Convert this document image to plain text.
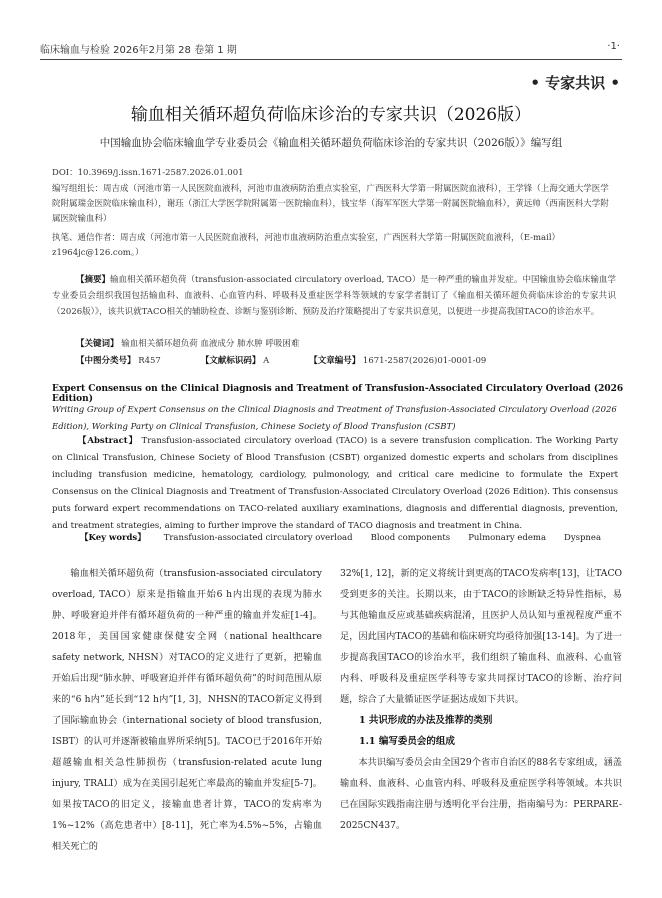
临床输血与检验 2026年2月第 28 卷第 1 期	·1·
• 专家共识 •
输血相关循环超负荷临床诊治的专家共识（2026版）
中国输血协会临床输血学专业委员会《输血相关循环超负荷临床诊治的专家共识（2026版）》编写组
DOI：10.3969/j.issn.1671-2587.2026.01.001
编写组组长：周吉成（河池市第一人民医院血液科，河池市血液病防治重点实验室，广西医科大学第一附属医院血液科），王学锋（上海交通大学医学院附属瑞金医院临床输血科），谢珏（浙江大学医学院附属第一医院输血科），钱宝华（海军军医大学第一附属医院输血科），黄远帅（西南医科大学附属医院输血科）
执笔、通信作者：周吉成（河池市第一人民医院血液科，河池市血液病防治重点实验室，广西医科大学第一附属医院血液科，（E-mail）z1964jc@126.com。）
【摘要】输血相关循环超负荷（transfusion-associated circulatory overload, TACO）是一种严重的输血并发症。中国输血协会临床输血学专业委员会组织我国包括输血科、血液科、心血管内科、呼吸科及重症医学科等领域的专家学者制订了《输血相关循环超负荷临床诊治的专家共识（2026版）》，该共识就TACO相关的辅助检查、诊断与鉴别诊断、预防及治疗策略提出了专家共识意见，以便进一步提高我国TACO的诊治水平。
【关键词】 输血相关循环超负荷 血液成分 肺水肿 呼吸困难
【中图分类号】 R457	【文献标识码】 A	【文章编号】 1671-2587(2026)01-0001-09
Expert Consensus on the Clinical Diagnosis and Treatment of Transfusion-Associated Circulatory Overload (2026 Edition)
Writing Group of Expert Consensus on the Clinical Diagnosis and Treatment of Transfusion-Associated Circulatory Overload (2026 Edition), Working Party on Clinical Transfusion, Chinese Society of Blood Transfusion (CSBT)
【Abstract】 Transfusion-associated circulatory overload (TACO) is a severe transfusion complication. The Working Party on Clinical Transfusion, Chinese Society of Blood Transfusion (CSBT) organized domestic experts and scholars from disciplines including transfusion medicine, hematology, cardiology, pulmonology, and critical care medicine to formulate the Expert Consensus on the Clinical Diagnosis and Treatment of Transfusion-Associated Circulatory Overload (2026 Edition). This consensus puts forward expert recommendations on TACO-related auxiliary examinations, diagnosis and differential diagnosis, prevention, and treatment strategies, aiming to further improve the standard of TACO diagnosis and treatment in China.
【Key words】 Transfusion-associated circulatory overload Blood components Pulmonary edema Dyspnea

输血相关循环超负荷（transfusion-associated circulatory overload, TACO）原来是指输血开始6 h内出现的表现为肺水肿、呼吸窘迫并伴有循环超负荷的一种严重的输血并发症[1-4]。2018年，美国国家健康保健安全网（national healthcare safety network, NHSN）对TACO的定义进行了更新，把输血开始后出现“肺水肿、呼吸窘迫并伴有循环超负荷”的时间范围从原来的“6 h内”延长到“12 h内”[1, 3]，NHSN的TACO新定义得到了国际输血协会（international society of blood transfusion, ISBT）的认可并逐渐被输血界所采纳[5]。TACO已于2016年开始超越输血相关急性肺损伤（transfusion-related acute lung injury, TRALI）成为在美国引起死亡率最高的输血并发症[5-7]。如果按TACO的旧定义，接输血患者计算，TACO的发病率为1%~12%（高危患者中）[8-11]，死亡率为4.5%~5%，占输血相关死亡的

32%[1, 12]，新的定义将统计到更高的TACO发病率[13]，让TACO受到更多的关注。长期以来，由于TACO的诊断缺乏特异性指标，易与其他输血反应或基础疾病混淆，且医护人员认知与重视程度严重不足，因此国内TACO的基础和临床研究均亟待加强[13-14]。为了进一步提高我国TACO的诊治水平，我们组织了输血科、血液科、心血管内科、呼吸科及重症医学科等专家共同探讨TACO的诊断、治疗问题，综合了大量循证医学证据达成如下共识。

1 共识形成的办法及推荐的类别

1.1 编写委员会的组成

本共识编写委员会由全国29个省市自治区的88名专家组成，涵盖输血科、血液科、心血管内科、呼吸科及重症医学科等领域。本共识已在国际实践指南注册与透明化平台注册，指南编号为：PERPARE-2025CN437。
